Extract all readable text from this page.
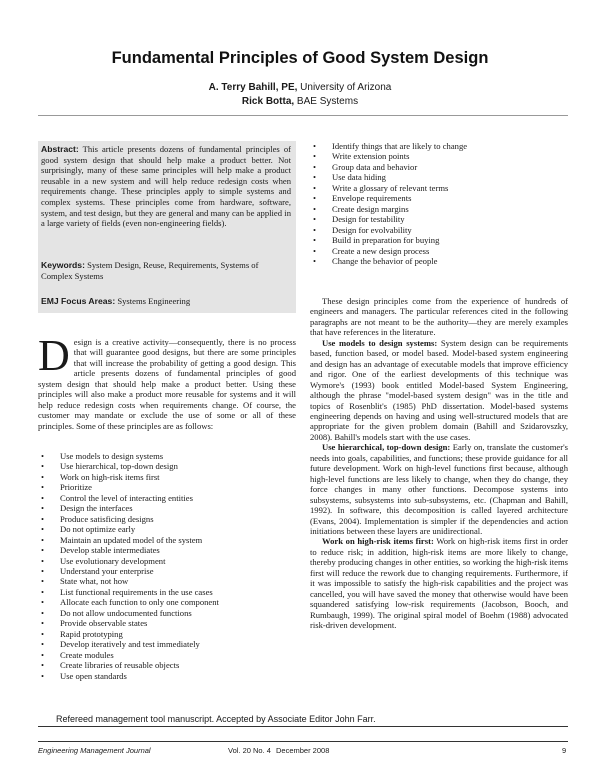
Fundamental Principles of Good System Design
A. Terry Bahill, PE, University of Arizona
Rick Botta, BAE Systems
Abstract: This article presents dozens of fundamental principles of good system design that should help make a product better. Not surprisingly, many of these same principles will help make a product reusable in a new system and will help reduce redesign costs when requirements change. These principles apply to simple systems and complex systems. These principles come from hardware, software, system, and test design, but they are general and many can be applied in a large variety of fields (even non-engineering fields).
Keywords: System Design, Reuse, Requirements, Systems of Complex Systems
EMJ Focus Areas: Systems Engineering
Design is a creative activity—consequently, there is no process that will guarantee good designs, but there are some principles that will increase the probability of getting a good design. This article presents dozens of fundamental principles of good system design that should help make a product better. Using these principles will also make a product more reusable for systems and it will help reduce redesign costs when requirements change. Of course, the customer may mandate or exclude the use of some or all of these principles. Some of these principles are as follows:
• Use models to design systems
• Use hierarchical, top-down design
• Work on high-risk items first
• Prioritize
• Control the level of interacting entities
• Design the interfaces
• Produce satisficing designs
• Do not optimize early
• Maintain an updated model of the system
• Develop stable intermediates
• Use evolutionary development
• Understand your enterprise
• State what, not how
• List functional requirements in the use cases
• Allocate each function to only one component
• Do not allow undocumented functions
• Provide observable states
• Rapid prototyping
• Develop iteratively and test immediately
• Create modules
• Create libraries of reusable objects
• Use open standards
• Identify things that are likely to change
• Write extension points
• Group data and behavior
• Use data hiding
• Write a glossary of relevant terms
• Envelope requirements
• Create design margins
• Design for testability
• Design for evolvability
• Build in preparation for buying
• Create a new design process
• Change the behavior of people

These design principles come from the experience of hundreds of engineers and managers. The particular references cited in the following paragraphs are not meant to be the authority—they are merely examples that have references in the literature.

Use models to design systems: System design can be requirements based, function based, or model based. Model-based system engineering and design has an advantage of executable models that improve efficiency and rigor. One of the earliest developments of this technique was Wymore's (1993) book entitled Model-based System Engineering, although the phrase "model-based system design" was in the title and topics of Rosenblit's (1985) PhD dissertation. Model-based systems engineering depends on having and using well-structured models that are appropriate for the given problem domain (Bahill and Szidarovszky, 2008). Bahill's models start with the use cases.

Use hierarchical, top-down design: Early on, translate the customer's needs into goals, capabilities, and functions; these provide guidance for all future development. Work on high-level functions first because, although high-level functions are less likely to change, when they do change, they force changes in many other functions. Decompose systems into subsystems, subsystems into sub-subsystems, etc. (Chapman and Bahill, 1992). In software, this decomposition is called layered architecture (Evans, 2004). Implementation is simpler if the dependencies and action initiations between these layers are unidirectional.

Work on high-risk items first: Work on high-risk items first in order to reduce risk; in addition, high-risk items are more likely to change, thereby producing changes in other entities, so working the high-risk items first will reduce the rework due to changing requirements. Furthermore, if it was impossible to satisfy the high-risk capabilities and the project was cancelled, you will have saved the money that otherwise would have been squandered satisfying low-risk requirements (Jacobson, Booch, and Rumbaugh, 1999). The original spiral model of Boehm (1988) advocated risk-driven development.

Refereed management tool manuscript. Accepted by Associate Editor John Farr.
Engineering Management Journal	Vol. 20 No. 4 December 2008	9
